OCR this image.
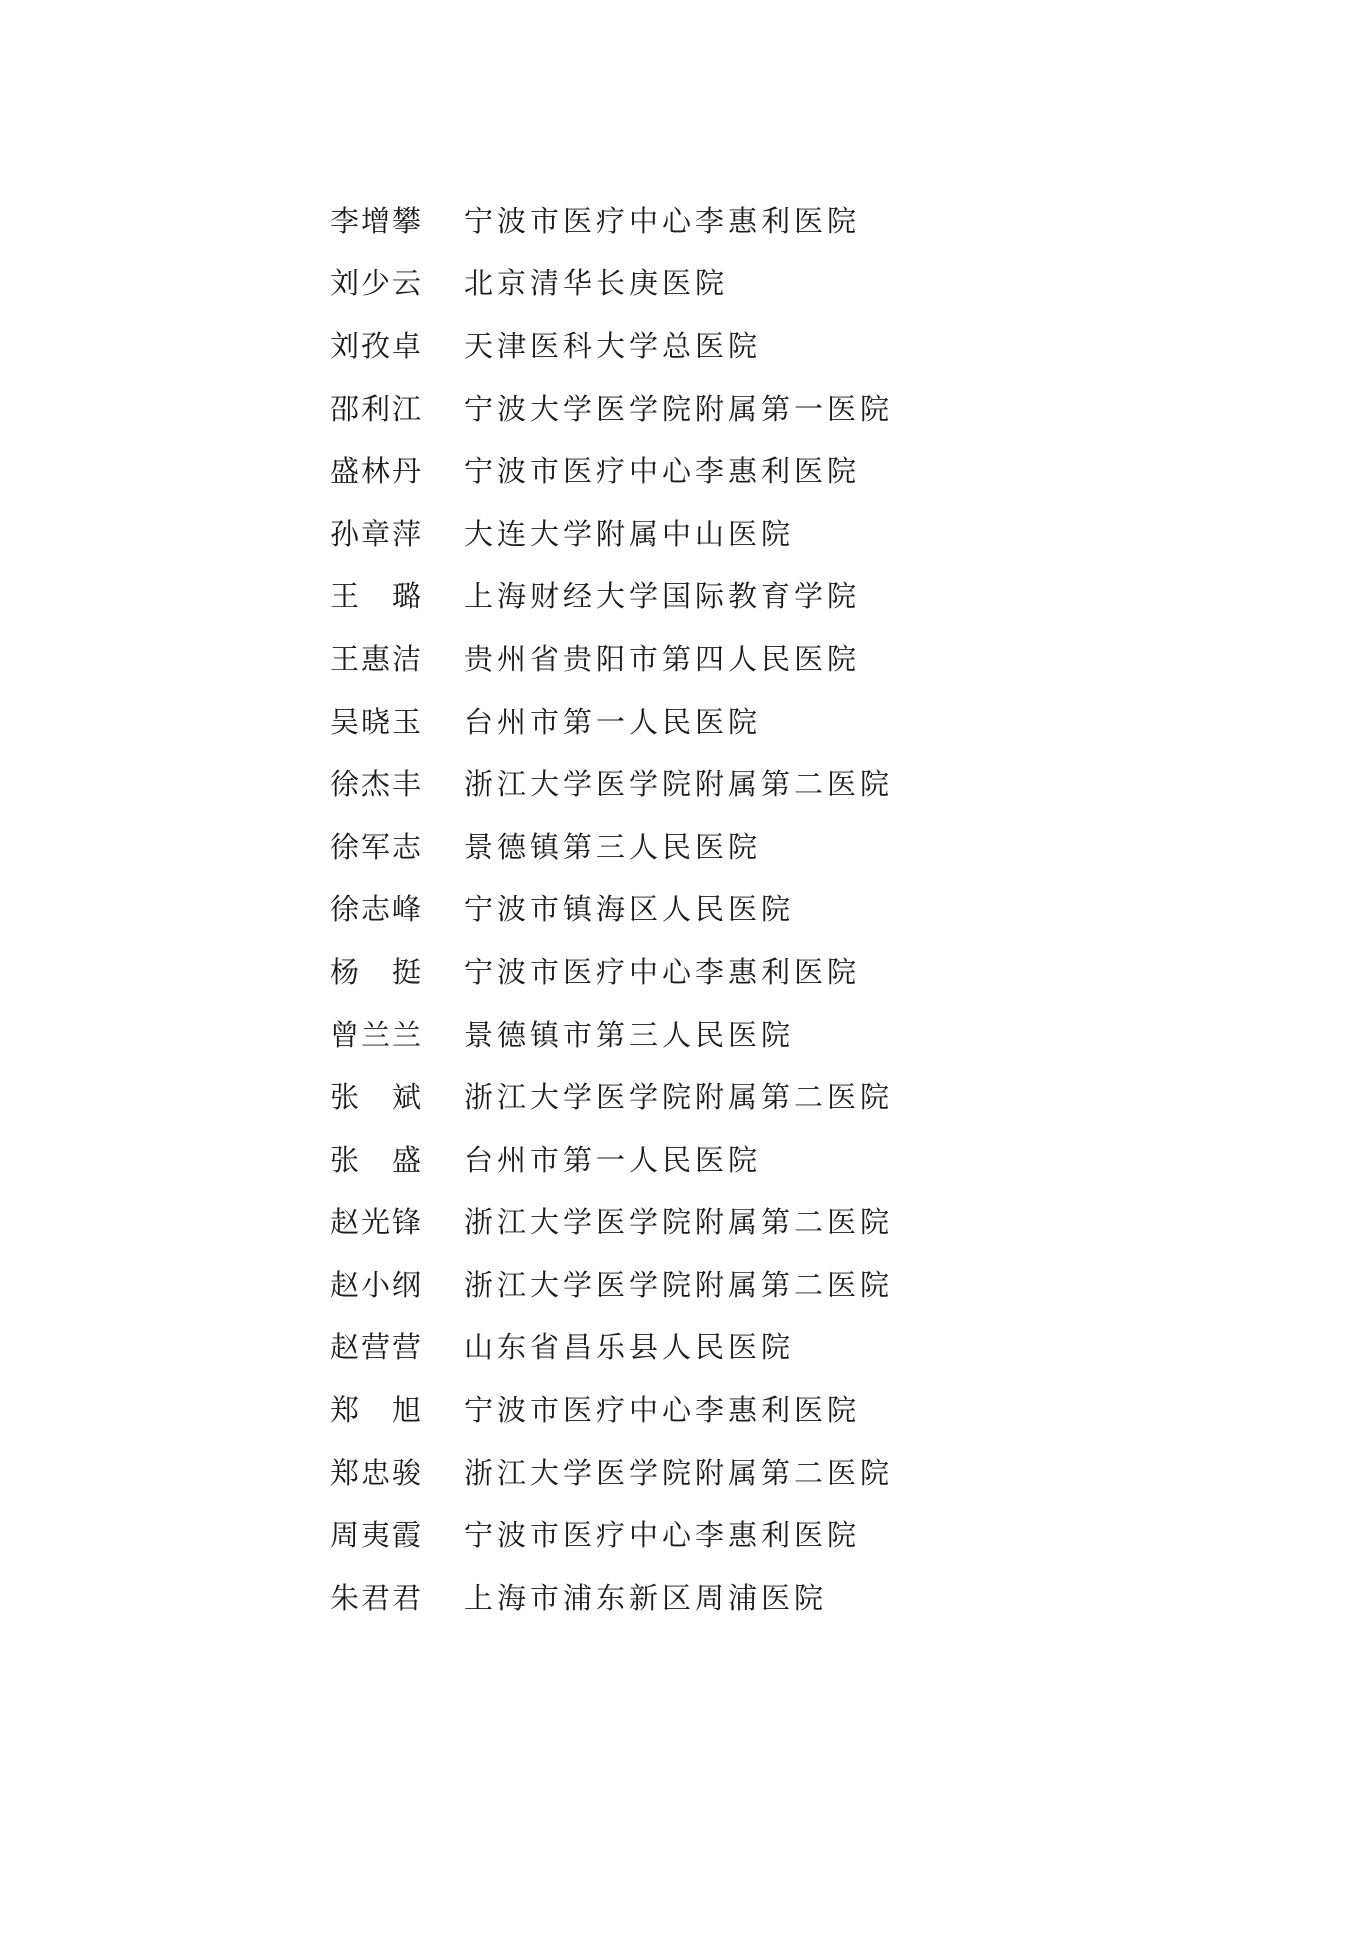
李增攀	宁波市医疗中心李惠利医院
刘少云	北京清华长庚医院
刘孜卓	天津医科大学总医院
邵利江	宁波大学医学院附属第一医院
盛林丹	宁波市医疗中心李惠利医院
孙章萍	大连大学附属中山医院
王　璐	上海财经大学国际教育学院
王惠洁	贵州省贵阳市第四人民医院
吴晓玉	台州市第一人民医院
徐杰丰	浙江大学医学院附属第二医院
徐军志	景德镇第三人民医院
徐志峰	宁波市镇海区人民医院
杨　挺	宁波市医疗中心李惠利医院
曾兰兰	景德镇市第三人民医院
张　斌	浙江大学医学院附属第二医院
张　盛	台州市第一人民医院
赵光锋	浙江大学医学院附属第二医院
赵小纲	浙江大学医学院附属第二医院
赵营营	山东省昌乐县人民医院
郑　旭	宁波市医疗中心李惠利医院
郑忠骏	浙江大学医学院附属第二医院
周夷霞	宁波市医疗中心李惠利医院
朱君君	上海市浦东新区周浦医院
